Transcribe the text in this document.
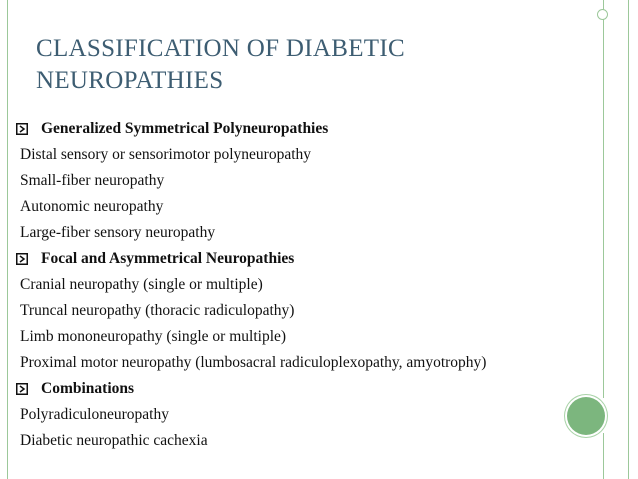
CLASSIFICATION OF DIABETIC
NEUROPATHIES
Generalized Symmetrical Polyneuropathies
Distal sensory or sensorimotor polyneuropathy
Small-fiber neuropathy
Autonomic neuropathy
Large-fiber sensory neuropathy
Focal and Asymmetrical Neuropathies
Cranial neuropathy (single or multiple)
Truncal neuropathy (thoracic radiculopathy)
Limb mononeuropathy (single or multiple)
Proximal motor neuropathy (lumbosacral radiculoplexopathy, amyotrophy)
Combinations
Polyradiculoneuropathy
Diabetic neuropathic cachexia
